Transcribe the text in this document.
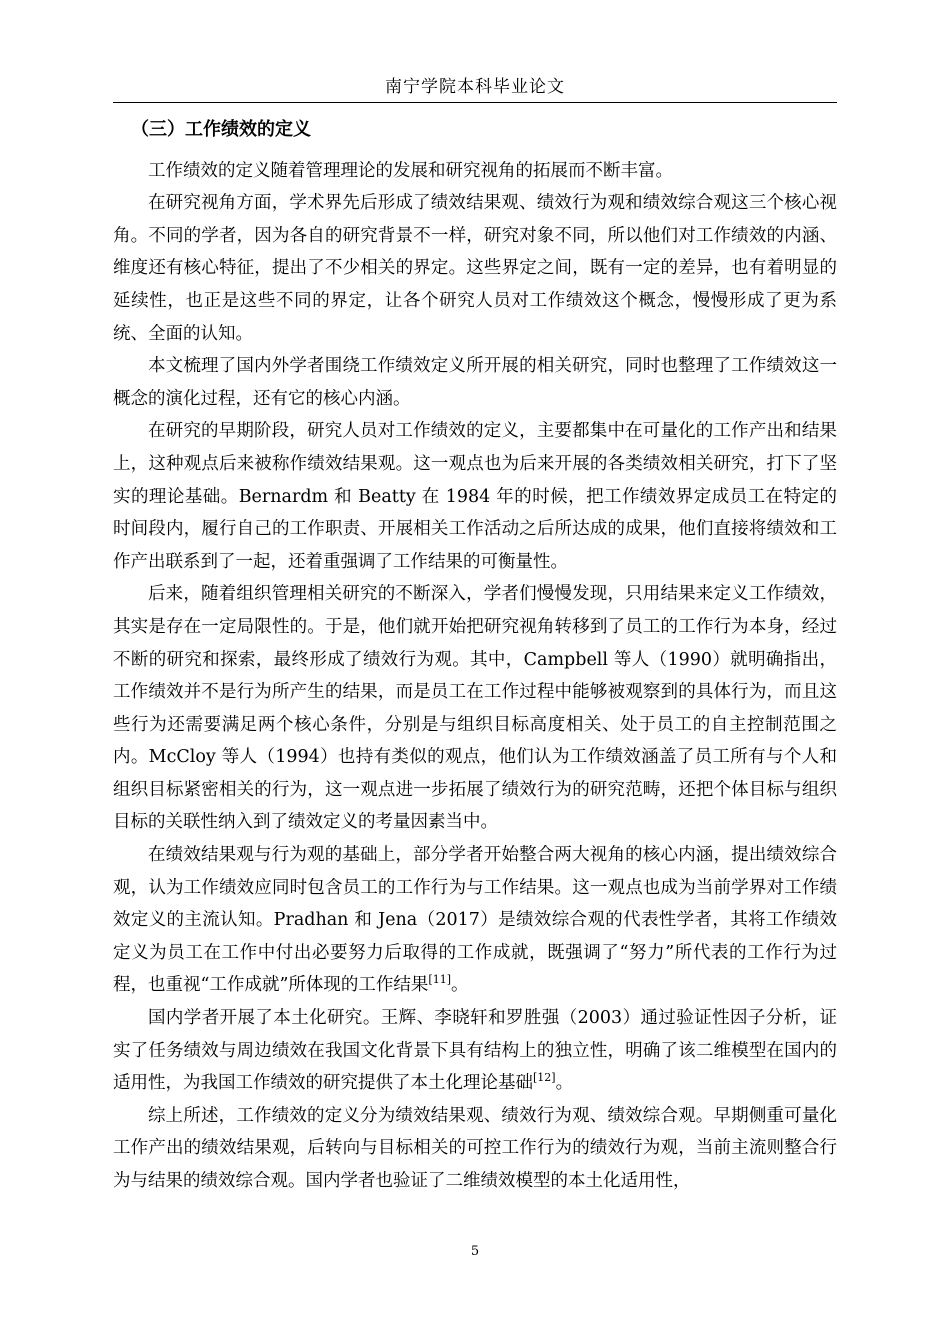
南宁学院本科毕业论文
（三）工作绩效的定义

工作绩效的定义随着管理理论的发展和研究视角的拓展而不断丰富。

在研究视角方面，学术界先后形成了绩效结果观、绩效行为观和绩效综合观这三个核心视角。不同的学者，因为各自的研究背景不一样，研究对象不同，所以他们对工作绩效的内涵、维度还有核心特征，提出了不少相关的界定。这些界定之间，既有一定的差异，也有着明显的延续性，也正是这些不同的界定，让各个研究人员对工作绩效这个概念，慢慢形成了更为系统、全面的认知。

本文梳理了国内外学者围绕工作绩效定义所开展的相关研究，同时也整理了工作绩效这一概念的演化过程，还有它的核心内涵。

在研究的早期阶段，研究人员对工作绩效的定义，主要都集中在可量化的工作产出和结果上，这种观点后来被称作绩效结果观。这一观点也为后来开展的各类绩效相关研究，打下了坚实的理论基础。Bernardm 和 Beatty 在 1984 年的时候，把工作绩效界定成员工在特定的时间段内，履行自己的工作职责、开展相关工作活动之后所达成的成果，他们直接将绩效和工作产出联系到了一起，还着重强调了工作结果的可衡量性。

后来，随着组织管理相关研究的不断深入，学者们慢慢发现，只用结果来定义工作绩效，其实是存在一定局限性的。于是，他们就开始把研究视角转移到了员工的工作行为本身，经过不断的研究和探索，最终形成了绩效行为观。其中，Campbell 等人（1990）就明确指出，工作绩效并不是行为所产生的结果，而是员工在工作过程中能够被观察到的具体行为，而且这些行为还需要满足两个核心条件，分别是与组织目标高度相关、处于员工的自主控制范围之内。McCloy 等人（1994）也持有类似的观点，他们认为工作绩效涵盖了员工所有与个人和组织目标紧密相关的行为，这一观点进一步拓展了绩效行为的研究范畴，还把个体目标与组织目标的关联性纳入到了绩效定义的考量因素当中。

在绩效结果观与行为观的基础上，部分学者开始整合两大视角的核心内涵，提出绩效综合观，认为工作绩效应同时包含员工的工作行为与工作结果。这一观点也成为当前学界对工作绩效定义的主流认知。Pradhan 和 Jena（2017）是绩效综合观的代表性学者，其将工作绩效定义为员工在工作中付出必要努力后取得的工作成就，既强调了“努力”所代表的工作行为过程，也重视“工作成就”所体现的工作结果[11]。

国内学者开展了本土化研究。王辉、李晓轩和罗胜强（2003）通过验证性因子分析，证实了任务绩效与周边绩效在我国文化背景下具有结构上的独立性，明确了该二维模型在国内的适用性，为我国工作绩效的研究提供了本土化理论基础[12]。

综上所述，工作绩效的定义分为绩效结果观、绩效行为观、绩效综合观。早期侧重可量化工作产出的绩效结果观，后转向与目标相关的可控工作行为的绩效行为观，当前主流则整合行为与结果的绩效综合观。国内学者也验证了二维绩效模型的本土化适用性，

5
